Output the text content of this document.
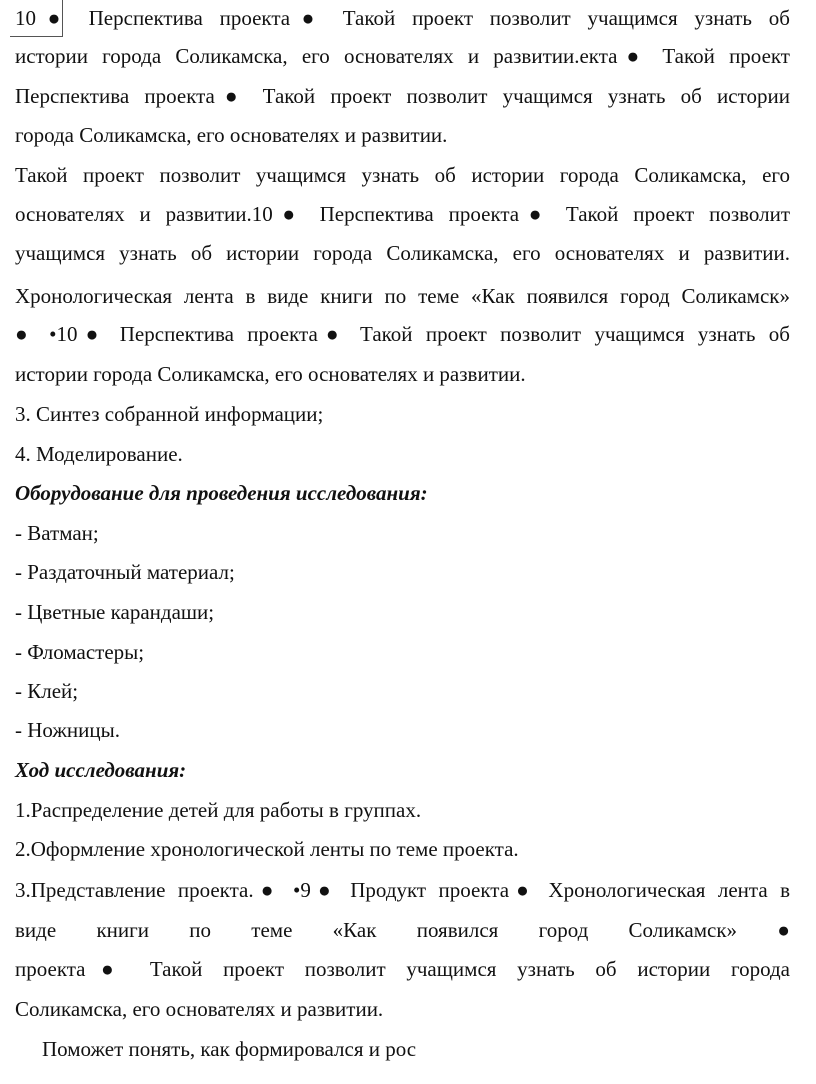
10● Перспектива проекта● Такой проект позволит учащимся узнать об
истории города Соликамска, его основателях и развитии.екта● Такой проект
Перспектива проекта● Такой проект позволит учащимся узнать об истории
города Соликамска, его основателях и развитии.
Такой проект позволит учащимся узнать об истории города Соликамска, его
основателях и развитии.10● Перспектива проекта● Такой проект позволит
учащимся узнать об истории города Соликамска, его основателях и развитии.
Хронологическая лента в виде книги по теме «Как появился город Соликамск»
● •10● Перспектива проекта● Такой проект позволит учащимся узнать об
истории города Соликамска, его основателях и развитии.
3. Синтез собранной информации;
4. Моделирование.
Оборудование для проведения исследования:
- Ватман;
- Раздаточный материал;
- Цветные карандаши;
- Фломастеры;
- Клей;
- Ножницы.
Ход исследования:
1.Распределение детей для работы в группах.
2.Оформление хронологической ленты по теме проекта.
3.Представление проекта.● •9● Продукт проекта● Хронологическая лента в
виде книги по теме «Как появился город Соликамск» ●
проекта● Такой проект позволит учащимся узнать об истории города
Соликамска, его основателях и развитии.
Поможет понять, как формировался и рос
